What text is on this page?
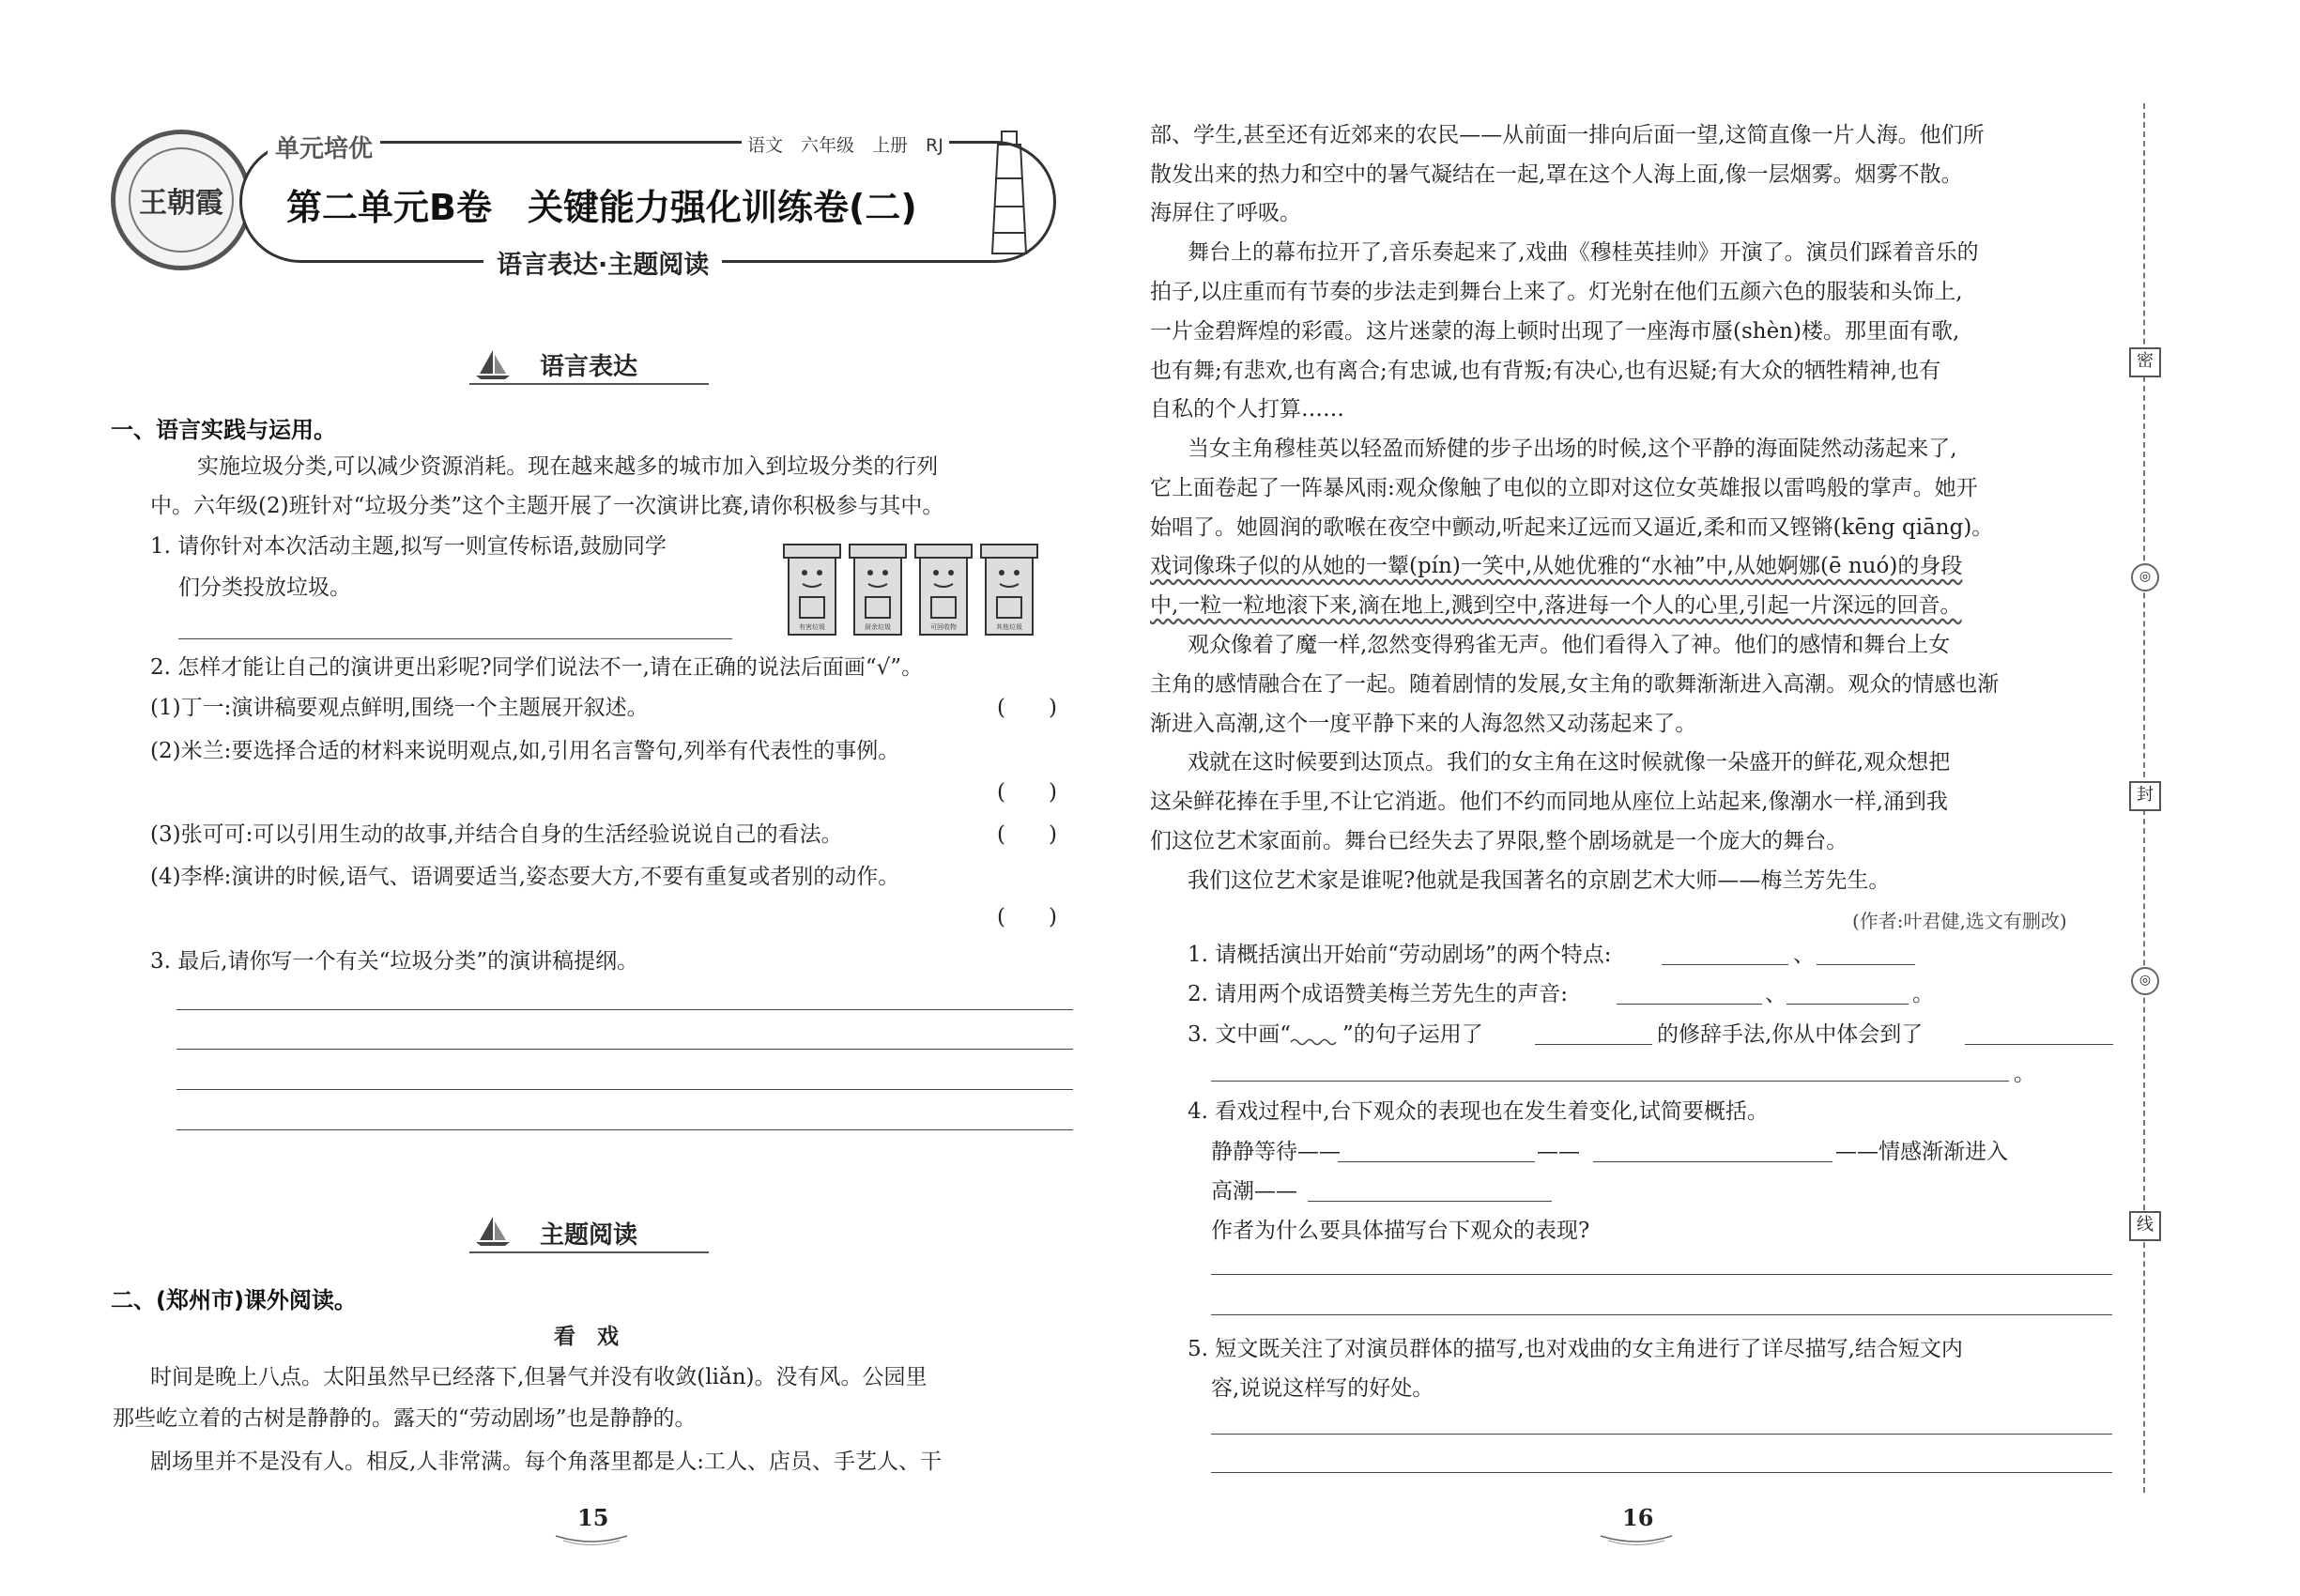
王朝霞
单元培优	语文　六年级　上册　RJ
第二单元B卷　关键能力强化训练卷(二)
语言表达·主题阅读
语言表达
一、语言实践与运用。
实施垃圾分类,可以减少资源消耗。现在越来越多的城市加入到垃圾分类的行列
中。六年级(2)班针对“垃圾分类”这个主题开展了一次演讲比赛,请你积极参与其中。
1. 请你针对本次活动主题,拟写一则宣传标语,鼓励同学
们分类投放垃圾。
有害垃圾	厨余垃圾	可回收物	其他垃圾
2. 怎样才能让自己的演讲更出彩呢?同学们说法不一,请在正确的说法后面画“√”。
(1)丁一:演讲稿要观点鲜明,围绕一个主题展开叙述。	(　　)
(2)米兰:要选择合适的材料来说明观点,如,引用名言警句,列举有代表性的事例。
(　　)
(3)张可可:可以引用生动的故事,并结合自身的生活经验说说自己的看法。	(　　)
(4)李桦:演讲的时候,语气、语调要适当,姿态要大方,不要有重复或者别的动作。
(　　)
3. 最后,请你写一个有关“垃圾分类”的演讲稿提纲。
主题阅读
二、(郑州市)课外阅读。
看　戏
时间是晚上八点。太阳虽然早已经落下,但暑气并没有收敛(liǎn)。没有风。公园里
那些屹立着的古树是静静的。露天的“劳动剧场”也是静静的。
剧场里并不是没有人。相反,人非常满。每个角落里都是人:工人、店员、手艺人、干
15
部、学生,甚至还有近郊来的农民——从前面一排向后面一望,这简直像一片人海。他们所
散发出来的热力和空中的暑气凝结在一起,罩在这个人海上面,像一层烟雾。烟雾不散。
海屏住了呼吸。
舞台上的幕布拉开了,音乐奏起来了,戏曲《穆桂英挂帅》开演了。演员们踩着音乐的
拍子,以庄重而有节奏的步法走到舞台上来了。灯光射在他们五颜六色的服装和头饰上,
一片金碧辉煌的彩霞。这片迷蒙的海上顿时出现了一座海市蜃(shèn)楼。那里面有歌,
也有舞;有悲欢,也有离合;有忠诚,也有背叛;有决心,也有迟疑;有大众的牺牲精神,也有
自私的个人打算……
当女主角穆桂英以轻盈而矫健的步子出场的时候,这个平静的海面陡然动荡起来了,
它上面卷起了一阵暴风雨:观众像触了电似的立即对这位女英雄报以雷鸣般的掌声。她开
始唱了。她圆润的歌喉在夜空中颤动,听起来辽远而又逼近,柔和而又铿锵(kēng qiāng)。
戏词像珠子似的从她的一颦(pín)一笑中,从她优雅的“水袖”中,从她婀娜(ē nuó)的身段
中,一粒一粒地滚下来,滴在地上,溅到空中,落进每一个人的心里,引起一片深远的回音。
观众像着了魔一样,忽然变得鸦雀无声。他们看得入了神。他们的感情和舞台上女
主角的感情融合在了一起。随着剧情的发展,女主角的歌舞渐渐进入高潮。观众的情感也渐
渐进入高潮,这个一度平静下来的人海忽然又动荡起来了。
戏就在这时候要到达顶点。我们的女主角在这时候就像一朵盛开的鲜花,观众想把
这朵鲜花捧在手里,不让它消逝。他们不约而同地从座位上站起来,像潮水一样,涌到我
们这位艺术家面前。舞台已经失去了界限,整个剧场就是一个庞大的舞台。
我们这位艺术家是谁呢?他就是我国著名的京剧艺术大师——梅兰芳先生。
(作者:叶君健,选文有删改)
1. 请概括演出开始前“劳动剧场”的两个特点:	、
2. 请用两个成语赞美梅兰芳先生的声音:	、	。
3. 文中画“ ”的句子运用了	的修辞手法,你从中体会到了
。
4. 看戏过程中,台下观众的表现也在发生着变化,试简要概括。
静静等待——	——	——情感渐渐进入
高潮——
作者为什么要具体描写台下观众的表现?
5. 短文既关注了对演员群体的描写,也对戏曲的女主角进行了详尽描写,结合短文内
容,说说这样写的好处。
16
密
◎
封
◎
线
